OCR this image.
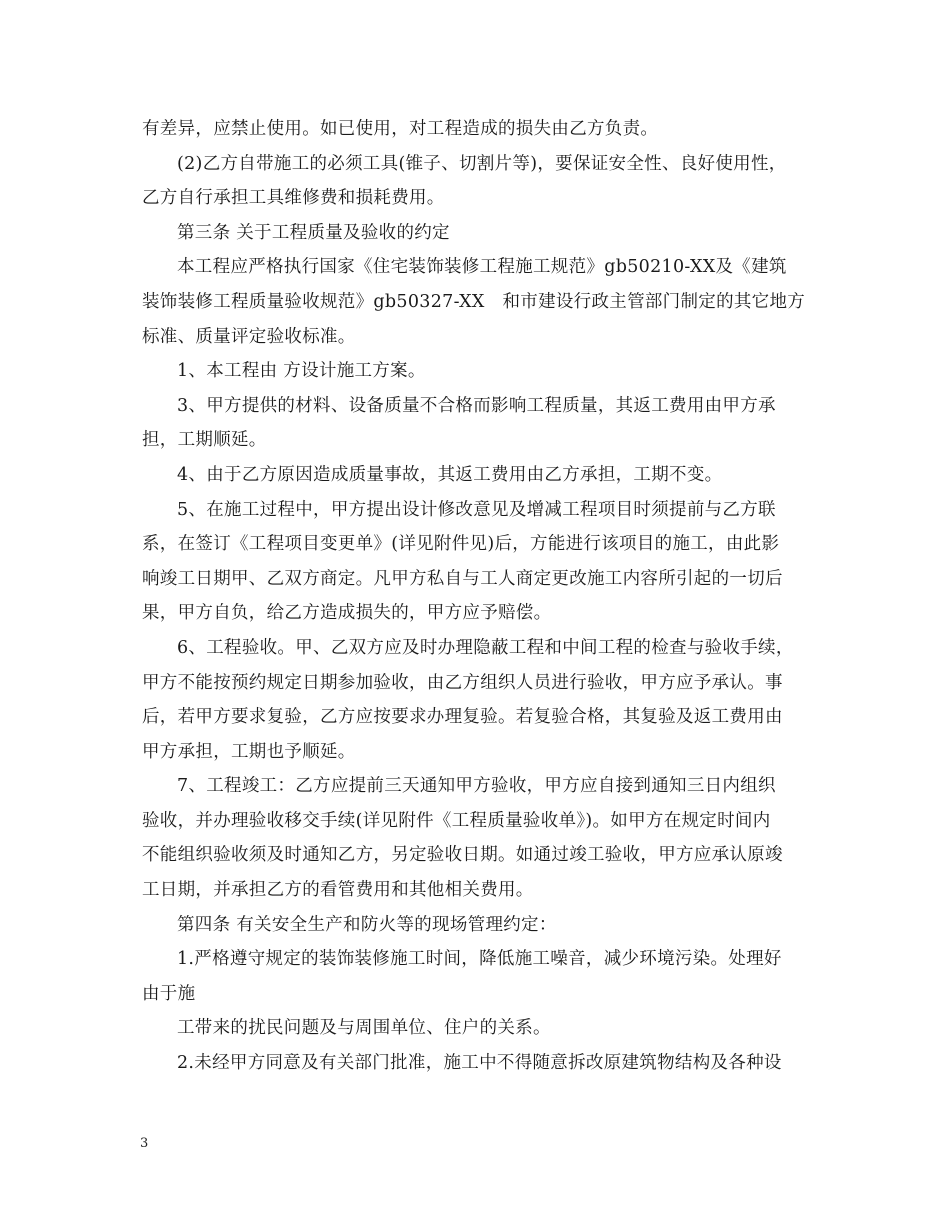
有差异，应禁止使用。如已使用，对工程造成的损失由乙方负责。
(2)乙方自带施工的必须工具(锥子、切割片等)，要保证安全性、良好使用性，
乙方自行承担工具维修费和损耗费用。
第三条 关于工程质量及验收的约定
本工程应严格执行国家《住宅装饰装修工程施工规范》gb50210-XX及《建筑
装饰装修工程质量验收规范》gb50327-XX　和市建设行政主管部门制定的其它地方
标准、质量评定验收标准。
1、本工程由 方设计施工方案。
3、甲方提供的材料、设备质量不合格而影响工程质量，其返工费用由甲方承
担，工期顺延。
4、由于乙方原因造成质量事故，其返工费用由乙方承担，工期不变。
5、在施工过程中，甲方提出设计修改意见及增减工程项目时须提前与乙方联
系，在签订《工程项目变更单》(详见附件见)后，方能进行该项目的施工，由此影
响竣工日期甲、乙双方商定。凡甲方私自与工人商定更改施工内容所引起的一切后
果，甲方自负，给乙方造成损失的，甲方应予赔偿。
6、工程验收。甲、乙双方应及时办理隐蔽工程和中间工程的检查与验收手续，
甲方不能按预约规定日期参加验收，由乙方组织人员进行验收，甲方应予承认。事
后，若甲方要求复验，乙方应按要求办理复验。若复验合格，其复验及返工费用由
甲方承担，工期也予顺延。
7、工程竣工：乙方应提前三天通知甲方验收，甲方应自接到通知三日内组织
验收，并办理验收移交手续(详见附件《工程质量验收单》)。如甲方在规定时间内
不能组织验收须及时通知乙方，另定验收日期。如通过竣工验收，甲方应承认原竣
工日期，并承担乙方的看管费用和其他相关费用。
第四条 有关安全生产和防火等的现场管理约定：
1.严格遵守规定的装饰装修施工时间，降低施工噪音，减少环境污染。处理好
由于施
工带来的扰民问题及与周围单位、住户的关系。
2.未经甲方同意及有关部门批准，施工中不得随意拆改原建筑物结构及各种设
3
